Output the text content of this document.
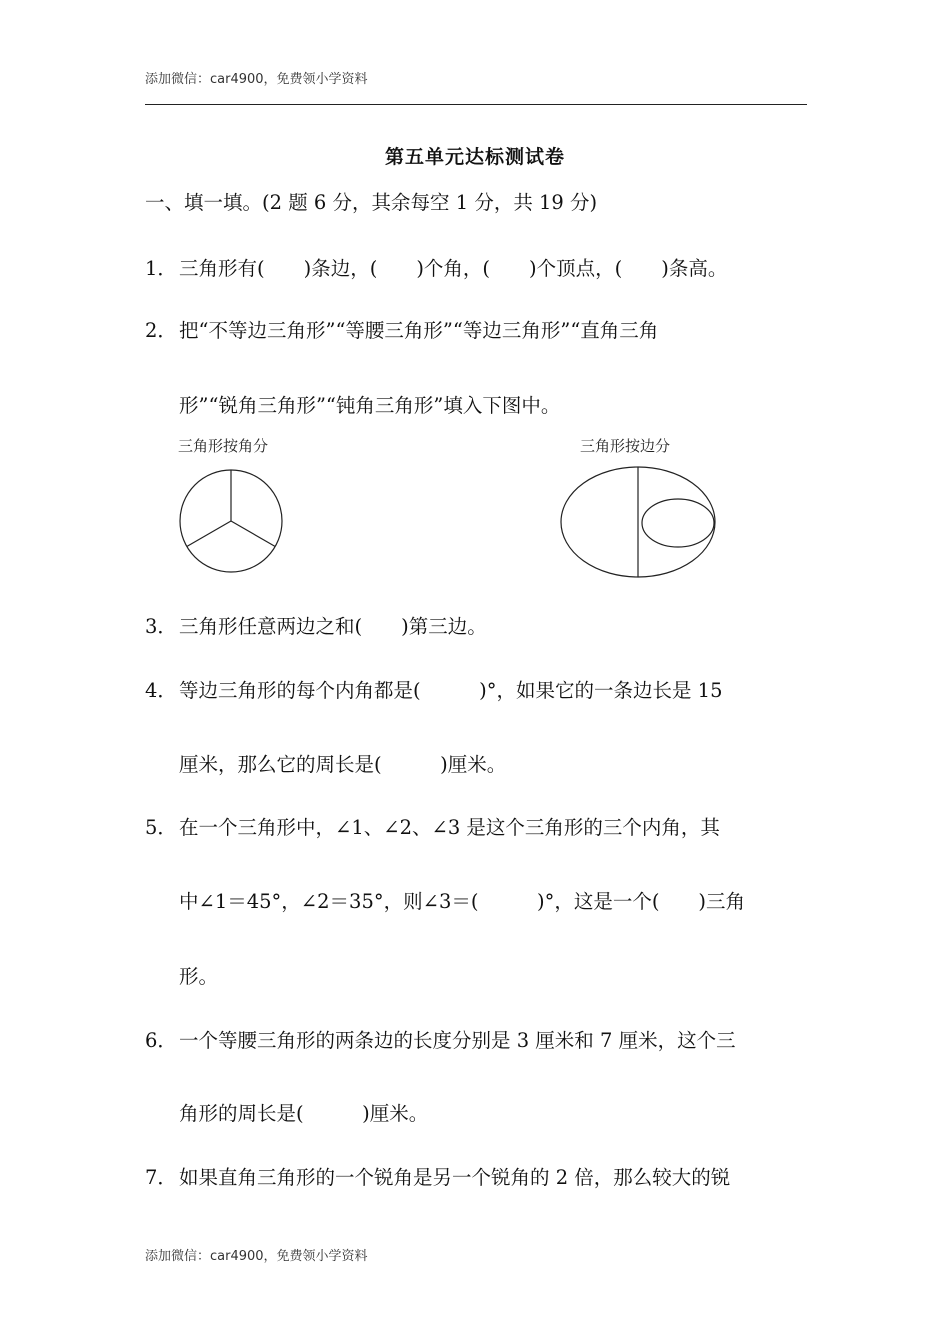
添加微信：car4900，免费领小学资料
第五单元达标测试卷
一、填一填。(2 题 6 分，其余每空 1 分，共 19 分)
1． 三角形有(　　)条边，(　　)个角，(　　)个顶点，(　　)条高。
2． 把“不等边三角形”“等腰三角形”“等边三角形”“直角三角
形”“锐角三角形”“钝角三角形”填入下图中。
三角形按角分	三角形按边分
3． 三角形任意两边之和(　　)第三边。
4． 等边三角形的每个内角都是(　　　)°，如果它的一条边长是 15
厘米，那么它的周长是(　　　)厘米。
5． 在一个三角形中，∠1、∠2、∠3 是这个三角形的三个内角，其
中∠1＝45°，∠2＝35°，则∠3＝(　　　)°，这是一个(　　)三角
形。
6． 一个等腰三角形的两条边的长度分别是 3 厘米和 7 厘米，这个三
角形的周长是(　　　)厘米。
7． 如果直角三角形的一个锐角是另一个锐角的 2 倍，那么较大的锐
添加微信：car4900，免费领小学资料
